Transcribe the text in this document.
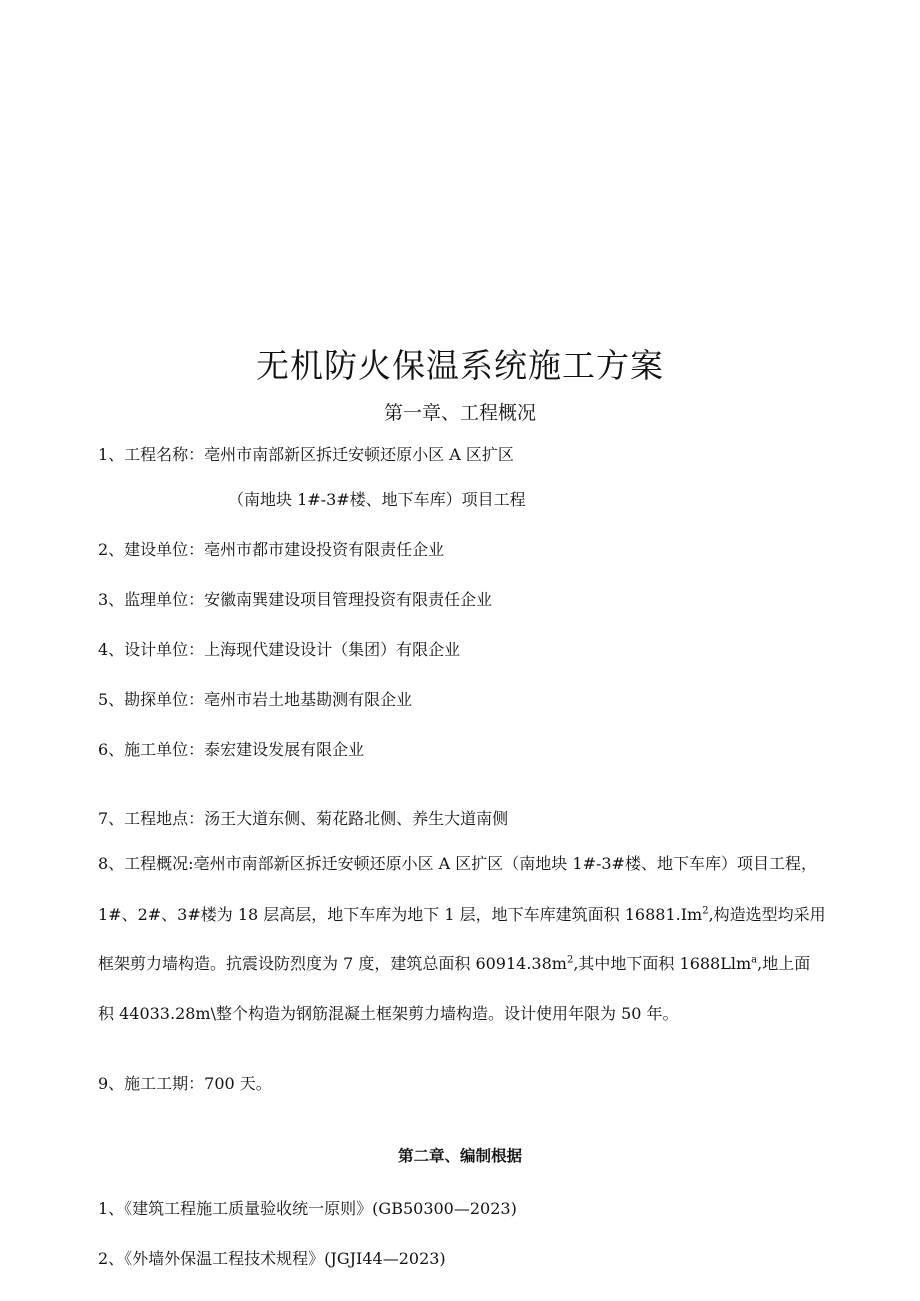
无机防火保温系统施工方案
第一章、工程概况
1、工程名称：亳州市南部新区拆迁安顿还原小区 A 区扩区
（南地块 1#-3#楼、地下车库）项目工程
2、建设单位：亳州市都市建设投资有限责任企业
3、监理单位：安徽南巽建设项目管理投资有限责任企业
4、设计单位：上海现代建设设计（集团）有限企业
5、勘探单位：亳州市岩土地基勘测有限企业
6、施工单位：泰宏建设发展有限企业
7、工程地点：汤王大道东侧、菊花路北侧、养生大道南侧
8、工程概况:亳州市南部新区拆迁安顿还原小区 A 区扩区（南地块 1#-3#楼、地下车库）项目工程，
1#、2#、3#楼为 18 层高层，地下车库为地下 1 层，地下车库建筑面积 16881.Im$^2$,构造选型均采用
框架剪力墙构造。抗震设防烈度为 7 度，建筑总面积 $60914.38m^2$,其中地下面积 1688Llm$^a$,地上面
积 44033.28m\整个构造为钢筋混凝土框架剪力墙构造。设计使用年限为 50 年。
9、施工工期：700 天。
第二章、编制根据
1、《建筑工程施工质量验收统一原则》(GB50300—2023)
2、《外墙外保温工程技术规程》(JGJI44—2023)
